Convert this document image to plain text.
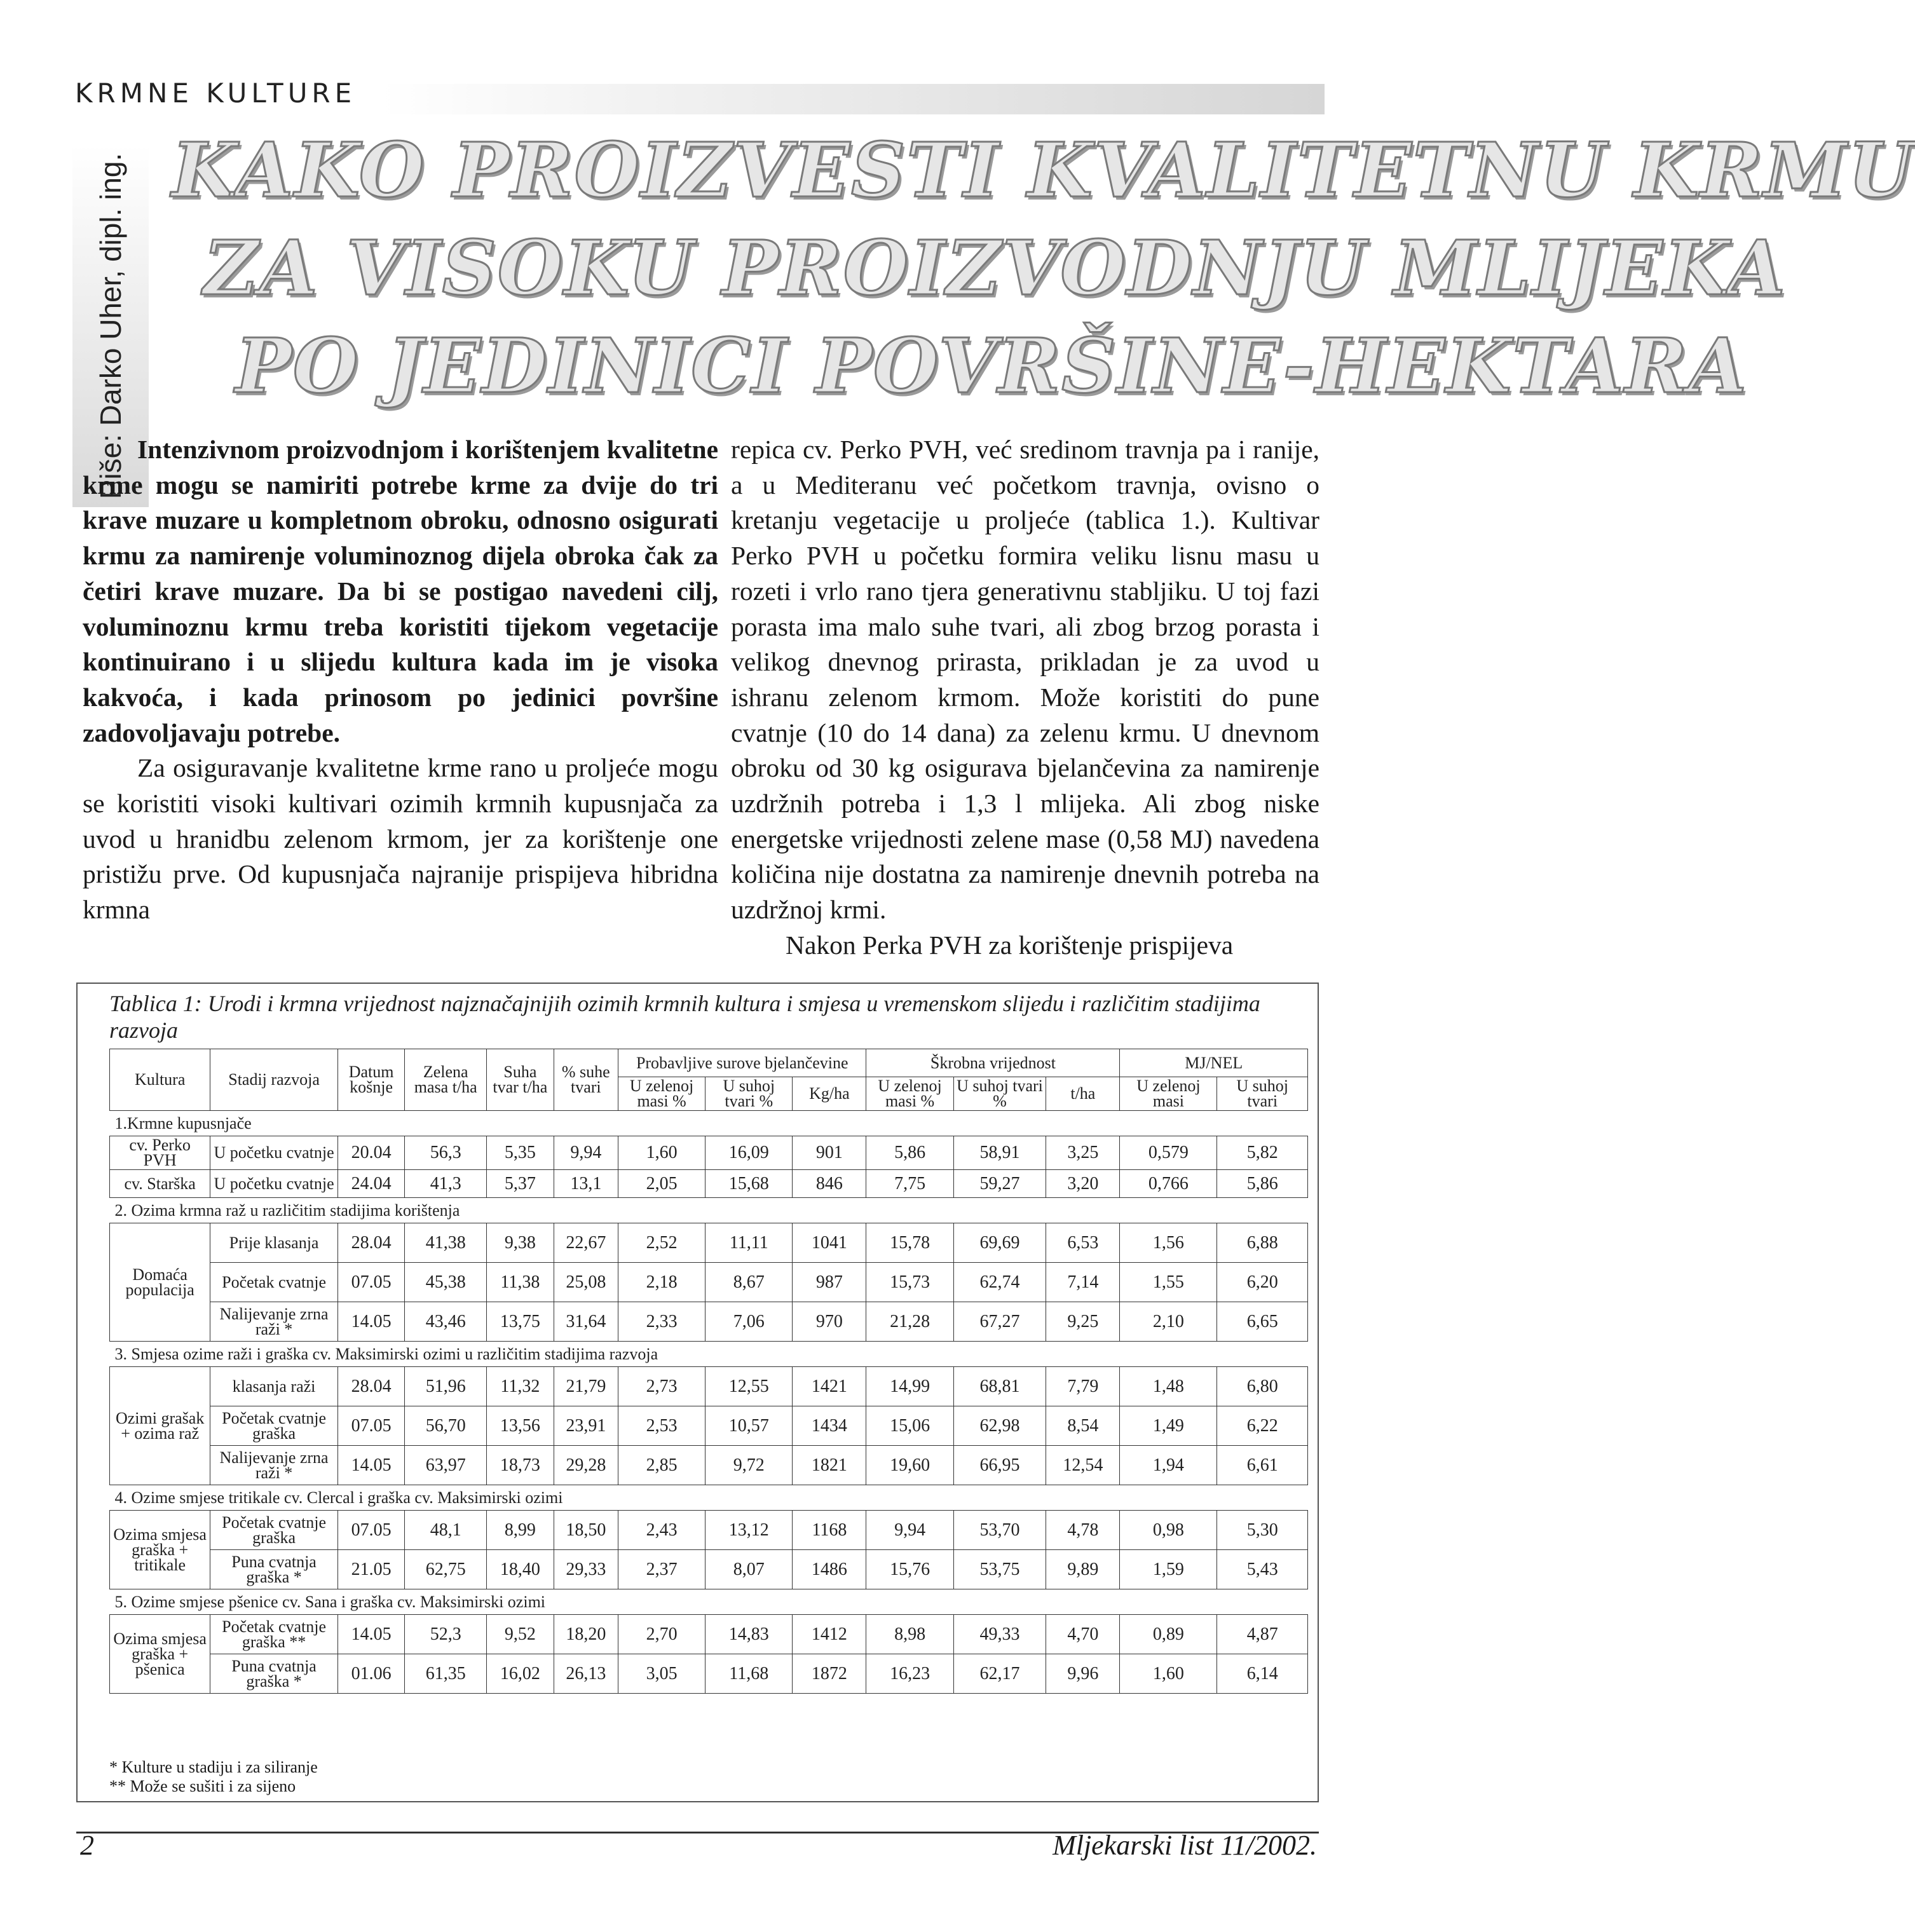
KRMNE KULTURE
Piše: Darko Uher, dipl. ing. KAKO PROIZVESTI KVALITETNU KRMU
ZA VISOKU PROIZVODNJU MLIJEKA
PO JEDINICI POVRŠINE-HEKTARA

Intenzivnom proizvodnjom i korištenjem kvalitetne krme mogu se namiriti potrebe krme za dvije do tri krave muzare u kompletnom obroku, odnosno osigurati krmu za namirenje voluminoznog dijela obroka čak za četiri krave muzare. Da bi se postigao navedeni cilj, voluminoznu krmu treba koristiti tijekom vegetacije kontinuirano i u slijedu kultura kada im je visoka kakvoća, i kada prinosom po jedinici površine zadovoljavaju potrebe.

Za osiguravanje kvalitetne krme rano u proljeće mogu se koristiti visoki kultivari ozimih krmnih kupusnjača za uvod u hranidbu zelenom krmom, jer za korištenje one pristižu prve. Od kupusnjača najranije prispijeva hibridna krmna

repica cv. Perko PVH, već sredinom travnja pa i ranije, a u Mediteranu već početkom travnja, ovisno o kretanju vegetacije u proljeće (tablica 1.). Kultivar Perko PVH u početku formira veliku lisnu masu u rozeti i vrlo rano tjera generativnu stabljiku. U toj fazi porasta ima malo suhe tvari, ali zbog brzog porasta i velikog dnevnog prirasta, prikladan je za uvod u ishranu zelenom krmom. Može koristiti do pune cvatnje (10 do 14 dana) za zelenu krmu. U dnevnom obroku od 30 kg osigurava bjelančevina za namirenje uzdržnih potreba i 1,3 l mlijeka. Ali zbog niske energetske vrijednosti zelene mase (0,58 MJ) navedena količina nije dostatna za namirenje dnevnih potreba na uzdržnoj krmi.

Nakon Perka PVH za korištenje prispijeva

Tablica 1: Urodi i krmna vrijednost najznačajnijih ozimih krmnih kultura i smjesa u vremenskom slijedu i različitim stadijima razvoja
Kultura	Stadij razvoja	Datum košnje	Zelena masa t/ha	Suha tvar t/ha	% suhe tvari	Probavljive surove bjelančevine			Škrobna vrijednost			MJ/NEL	
						U zelenoj masi %	U suhoj tvari %	Kg/ha	U zelenoj masi %	U suhoj tvari %	t/ha	U zelenoj masi	U suhoj tvari
1.Krmne kupusnjače													
cv. Perko PVH	U početku cvatnje	20.04	56,3	5,35	9,94	1,60	16,09	901	5,86	58,91	3,25	0,579	5,82
cv. Starška	U početku cvatnje	24.04	41,3	5,37	13,1	2,05	15,68	846	7,75	59,27	3,20	0,766	5,86
2. Ozima krmna raž u različitim stadijima korištenja													
Domaća populacija	Prije klasanja	28.04	41,38	9,38	22,67	2,52	11,11	1041	15,78	69,69	6,53	1,56	6,88
	Početak cvatnje	07.05	45,38	11,38	25,08	2,18	8,67	987	15,73	62,74	7,14	1,55	6,20
	Nalijevanje zrna raži *	14.05	43,46	13,75	31,64	2,33	7,06	970	21,28	67,27	9,25	2,10	6,65
3. Smjesa ozime raži i graška cv. Maksimirski ozimi u različitim stadijima razvoja													
Ozimi grašak + ozima raž	klasanja raži	28.04	51,96	11,32	21,79	2,73	12,55	1421	14,99	68,81	7,79	1,48	6,80
	Početak cvatnje graška	07.05	56,70	13,56	23,91	2,53	10,57	1434	15,06	62,98	8,54	1,49	6,22
	Nalijevanje zrna raži *	14.05	63,97	18,73	29,28	2,85	9,72	1821	19,60	66,95	12,54	1,94	6,61
4. Ozime smjese tritikale cv. Clercal i graška cv. Maksimirski ozimi													
Ozima smjesa graška + tritikale	Početak cvatnje graška	07.05	48,1	8,99	18,50	2,43	13,12	1168	9,94	53,70	4,78	0,98	5,30
	Puna cvatnja graška *	21.05	62,75	18,40	29,33	2,37	8,07	1486	15,76	53,75	9,89	1,59	5,43
5. Ozime smjese pšenice cv. Sana i graška cv. Maksimirski ozimi													
Ozima smjesa graška + pšenica	Početak cvatnje graška **	14.05	52,3	9,52	18,20	2,70	14,83	1412	8,98	49,33	4,70	0,89	4,87
	Puna cvatnja graška *	01.06	61,35	16,02	26,13	3,05	11,68	1872	16,23	62,17	9,96	1,60	6,14
* Kulture u stadiju i za siliranje
** Može se sušiti i za sijeno
2	Mljekarski list 11/2002.
